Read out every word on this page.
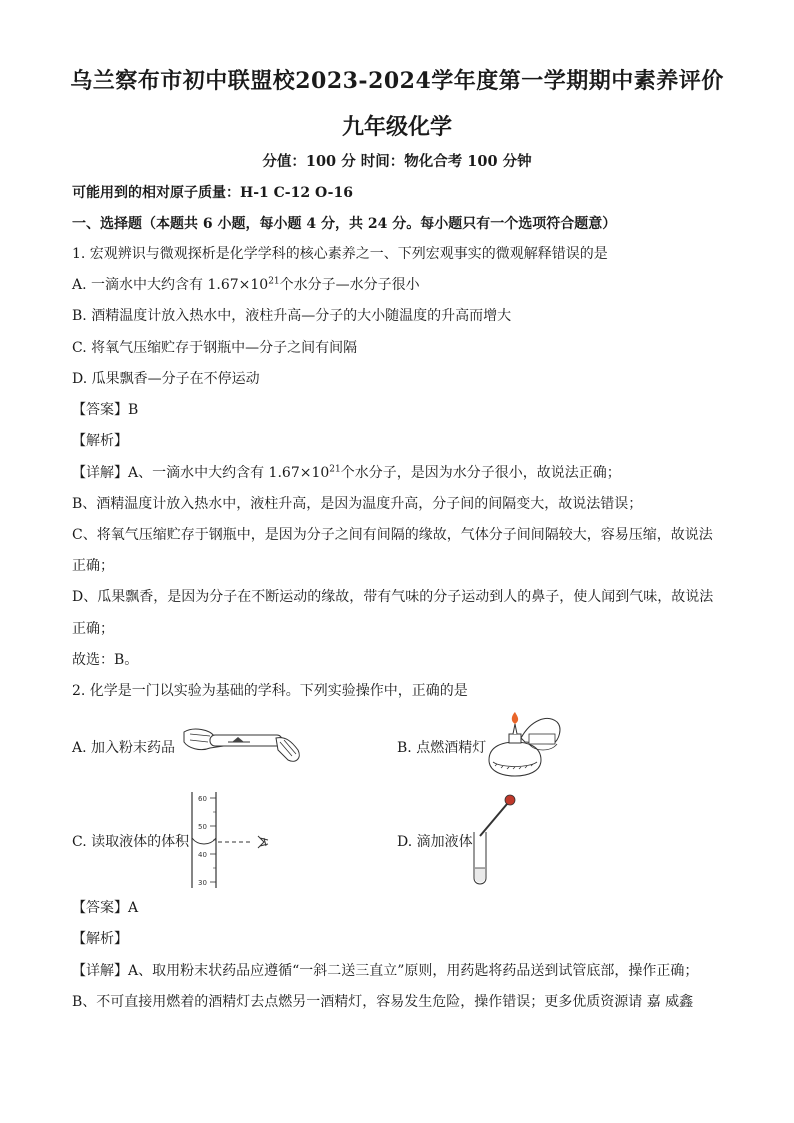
乌兰察布市初中联盟校2023-2024学年度第一学期期中素养评价
九年级化学
分值：100 分 时间：物化合考 100 分钟
可能用到的相对原子质量：H-1 C-12 O-16
一、选择题（本题共 6 小题，每小题 4 分，共 24 分。每小题只有一个选项符合题意）
1. 宏观辨识与微观探析是化学学科的核心素养之一、下列宏观事实的微观解释错误的是
A. 一滴水中大约含有 $1.67\times 10^{21}$个水分子—水分子很小
B. 酒精温度计放入热水中，液柱升高—分子的大小随温度的升高而增大
C. 将氧气压缩贮存于钢瓶中—分子之间有间隔
D. 瓜果飘香—分子在不停运动
【答案】B
【解析】
【详解】A、一滴水中大约含有 $1.67\times 10^{21}$个水分子，是因为水分子很小，故说法正确；
B、酒精温度计放入热水中，液柱升高，是因为温度升高，分子间的间隔变大，故说法错误；
C、将氧气压缩贮存于钢瓶中，是因为分子之间有间隔的缘故，气体分子间间隔较大，容易压缩，故说法
正确；
D、瓜果飘香，是因为分子在不断运动的缘故，带有气味的分子运动到人的鼻子，使人闻到气味，故说法
正确；
故选：B。
2. 化学是一门以实验为基础的学科。下列实验操作中，正确的是
A. 加入粉末药品	B. 点燃酒精灯
C. 读取液体的体积
60
50
40
30
D. 滴加液体
【答案】A
【解析】
【详解】A、取用粉末状药品应遵循“一斜二送三直立”原则，用药匙将药品送到试管底部，操作正确；
B、不可直接用燃着的酒精灯去点燃另一酒精灯，容易发生危险，操作错误；更多优质资源请 嘉 威鑫
